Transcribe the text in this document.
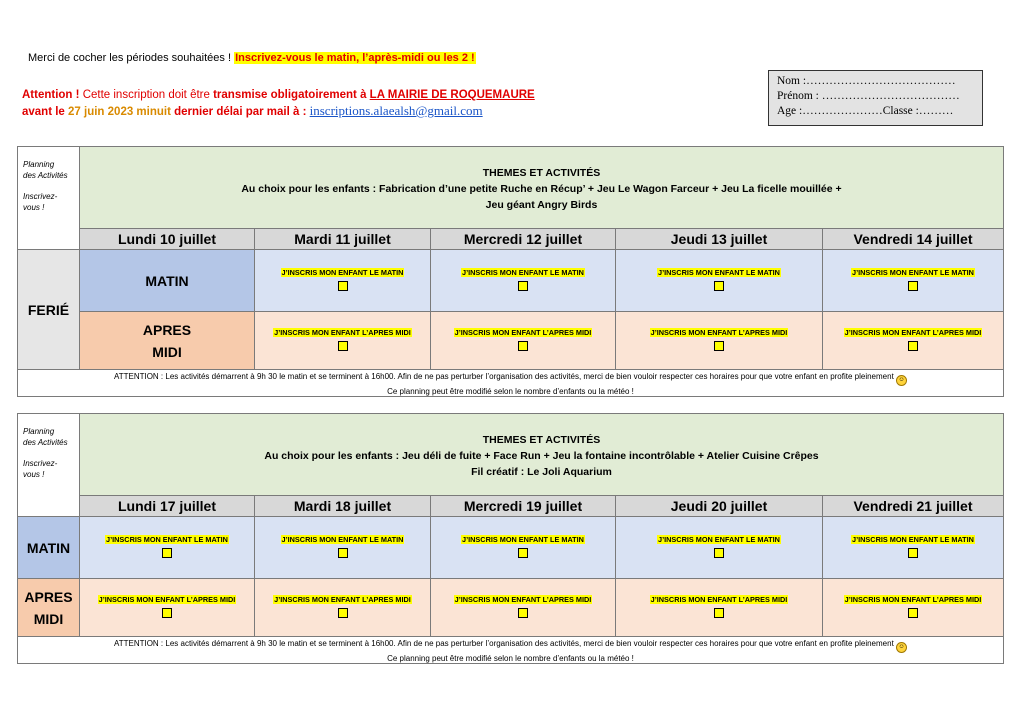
Merci de cocher les périodes souhaitées ! Inscrivez-vous le matin, l’après-midi ou les 2 !
Attention ! Cette inscription doit être transmise obligatoirement à LA MAIRIE DE ROQUEMAURE
avant le 27 juin 2023 minuit dernier délai par mail à : inscriptions.alaealsh@gmail.com
Nom :…………………………………
Prénom : ………………………………
Age :…………………Classe :………
Planning
des Activités
Inscrivez-
vous !
THEMES ET ACTIVITÉS
Au choix pour les enfants : Fabrication d’une petite Ruche en Récup’ + Jeu Le Wagon Farceur + Jeu La ficelle mouillée +
Jeu géant Angry Birds
Lundi 10 juillet	Mardi 11 juillet	Mercredi 12 juillet	Jeudi 13 juillet	Vendredi 14 juillet
MATIN	J’INSCRIS MON ENFANT LE MATIN	J’INSCRIS MON ENFANT LE MATIN	J’INSCRIS MON ENFANT LE MATIN	J’INSCRIS MON ENFANT LE MATIN
FERIÉ
APRES
MIDI
J’INSCRIS MON ENFANT L’APRES MIDI	J’INSCRIS MON ENFANT L’APRES MIDI	J’INSCRIS MON ENFANT L’APRES MIDI	J’INSCRIS MON ENFANT L’APRES MIDI
ATTENTION : Les activités démarrent à 9h 30 le matin et se terminent à 16h00. Afin de ne pas perturber l’organisation des activités, merci de bien vouloir respecter ces horaires pour que votre enfant en profite pleinement ☺
Ce planning peut être modifié selon le nombre d’enfants ou la météo !
Planning
des Activités
Inscrivez-
vous !
THEMES ET ACTIVITÉS
Au choix pour les enfants : Jeu déli de fuite + Face Run + Jeu la fontaine incontrôlable + Atelier Cuisine Crêpes
Fil créatif : Le Joli Aquarium
Lundi 17 juillet	Mardi 18 juillet	Mercredi 19 juillet	Jeudi 20 juillet	Vendredi 21 juillet
MATIN	J’INSCRIS MON ENFANT LE MATIN	J’INSCRIS MON ENFANT LE MATIN	J’INSCRIS MON ENFANT LE MATIN	J’INSCRIS MON ENFANT LE MATIN	J’INSCRIS MON ENFANT LE MATIN
APRES
MIDI
J’INSCRIS MON ENFANT L’APRES MIDI	J’INSCRIS MON ENFANT L’APRES MIDI	J’INSCRIS MON ENFANT L’APRES MIDI	J’INSCRIS MON ENFANT L’APRES MIDI	J’INSCRIS MON ENFANT L’APRES MIDI
ATTENTION : Les activités démarrent à 9h 30 le matin et se terminent à 16h00. Afin de ne pas perturber l’organisation des activités, merci de bien vouloir respecter ces horaires pour que votre enfant en profite pleinement ☺
Ce planning peut être modifié selon le nombre d’enfants ou la météo !
